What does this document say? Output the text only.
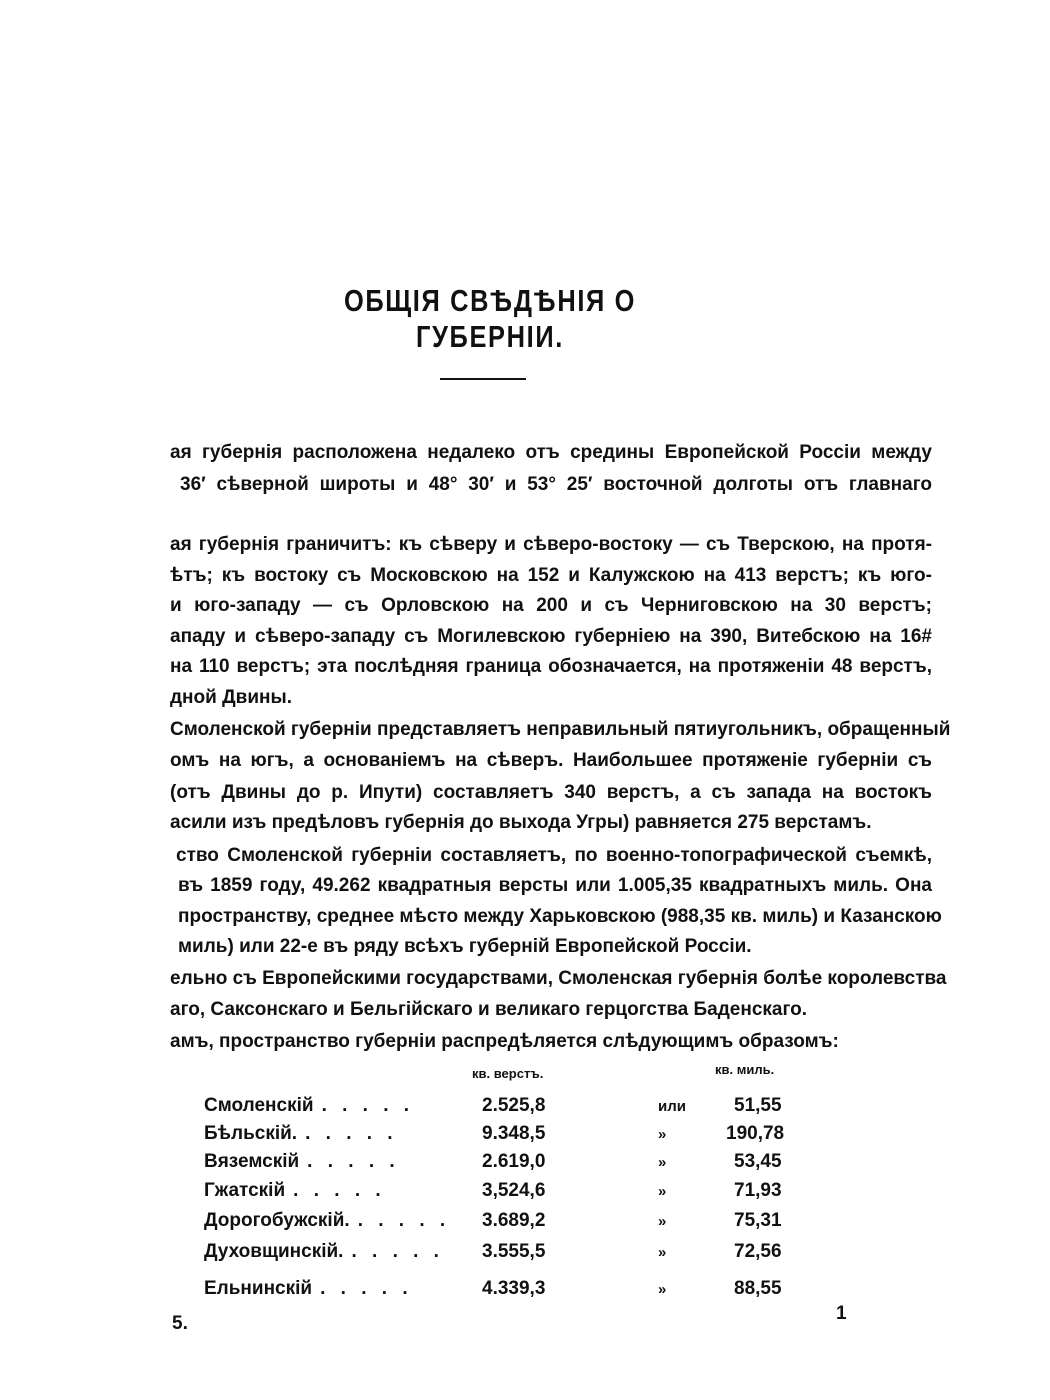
ОБЩІЯ СВѢДѢНІЯ О ГУБЕРНІИ.
ая губернія расположена недалеко отъ средины Европейской Россіи между
36′ сѣверной широты и 48° 30′ и 53° 25′ восточной долготы отъ главнаго
ая губернія граничитъ: къ сѣверу и сѣверо-востоку — съ Тверскою, на протя-
ѣтъ; къ востоку съ Московскою на 152 и Калужскою на 413 верстъ; къ юго-
и юго-западу — съ Орловскою на 200 и съ Черниговскою на 30 верстъ;
ападу и сѣверо-западу съ Могилевскою губерніею на 390, Витебскою на 16#
на 110 верстъ; эта послѣдняя граница обозначается, на протяженіи 48 верстъ,
дной Двины.
Смоленской губерніи представляетъ неправильный пятиугольникъ, обращенный
омъ на югъ, а основаніемъ на сѣверъ. Наибольшее протяженіе губерніи съ
(отъ Двины до р. Ипути) составляетъ 340 верстъ, а съ запада на востокъ
асили изъ предѣловъ губернія до выхода Угры) равняется 275 верстамъ.
ство Смоленской губерніи составляетъ, по военно-топографической съемкѣ,
въ 1859 году, 49.262 квадратныя версты или 1.005,35 квадратныхъ миль. Она
пространству, среднее мѣсто между Харьковскою (988,35 кв. миль) и Казанскою
миль) или 22-е въ ряду всѣхъ губерній Европейской Россіи.
ельно съ Европейскими государствами, Смоленская губернія болѣе королевства
аго, Саксонскаго и Бельгійскаго и великаго герцогства Баденскаго.
амъ, пространство губерніи распредѣляется слѣдующимъ образомъ:
кв. верстъ.	кв. миль.
Смоленскій . . . . .	2.525,8	или	51,55
Бѣльскій. . . . . .	9.348,5	»	190,78
Вяземскій . . . . .	2.619,0	»	53,45
Гжатскій . . . . .	3,524,6	»	71,93
Дорогобужскій. . . . . . 3.689,2	»	75,31
Духовщинскій. . . . . . 3.555,5	»	72,56
Ельнинскій . . . . .	4.339,3	»	88,55
5.	1
